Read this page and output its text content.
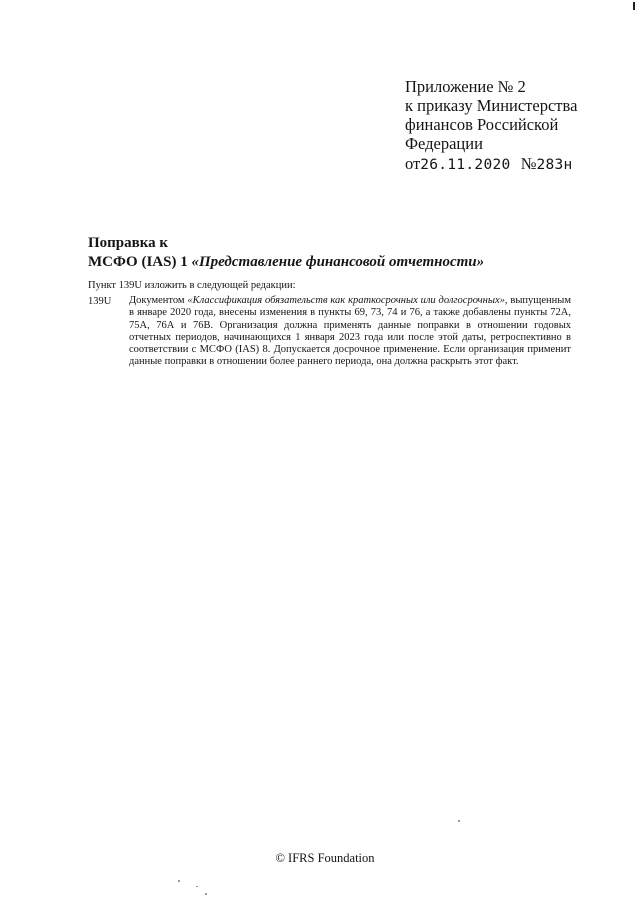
Приложение № 2
к приказу Министерства
финансов Российской
Федерации
от26.11.2020 №283н
Поправка к
МСФО (IAS) 1 «Представление финансовой отчетности»
Пункт 139U изложить в следующей редакции:
139U Документом «Классификация обязательств как краткосрочных или долгосрочных», выпущенным в январе 2020 года, внесены изменения в пункты 69, 73, 74 и 76, а также добавлены пункты 72А, 75А, 76А и 76В. Организация должна применять данные поправки в отношении годовых отчетных периодов, начинающихся 1 января 2023 года или после этой даты, ретроспективно в соответствии с МСФО (IAS) 8. Допускается досрочное применение. Если организация применит данные поправки в отношении более раннего периода, она должна раскрыть этот факт.
© IFRS Foundation
